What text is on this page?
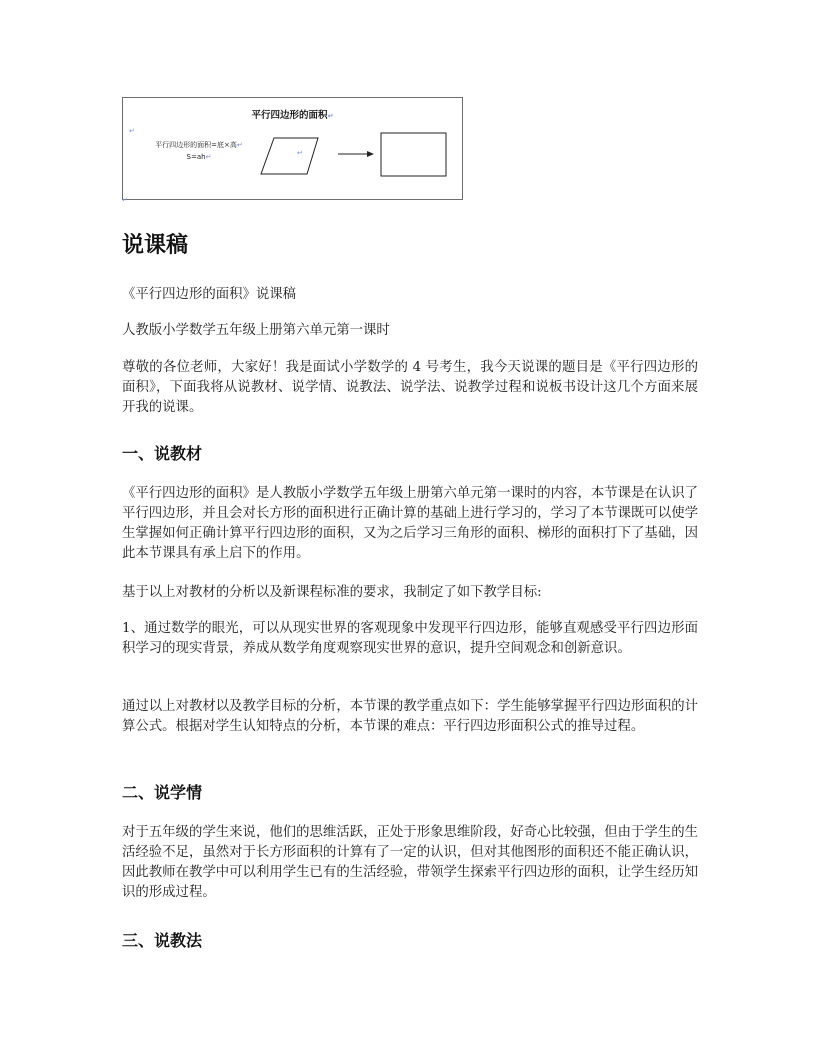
平行四边形的面积↵
平行四边形的面积=底×高↵
S=ah↵	↵
↵
↵
说课稿
《平行四边形的面积》说课稿
人教版小学数学五年级上册第六单元第一课时
尊敬的各位老师，大家好！我是面试小学数学的 4 号考生，我今天说课的题目是《平行四边形的面积》，下面我将从说教材、说学情、说教法、说学法、说教学过程和说板书设计这几个方面来展开我的说课。
一、说教材
《平行四边形的面积》是人教版小学数学五年级上册第六单元第一课时的内容，本节课是在认识了平行四边形，并且会对长方形的面积进行正确计算的基础上进行学习的，学习了本节课既可以使学生掌握如何正确计算平行四边形的面积，又为之后学习三角形的面积、梯形的面积打下了基础，因此本节课具有承上启下的作用。
基于以上对教材的分析以及新课程标准的要求，我制定了如下教学目标:
1、通过数学的眼光，可以从现实世界的客观现象中发现平行四边形，能够直观感受平行四边形面积学习的现实背景，养成从数学角度观察现实世界的意识，提升空间观念和创新意识。
通过以上对教材以及教学目标的分析，本节课的教学重点如下：学生能够掌握平行四边形面积的计算公式。根据对学生认知特点的分析，本节课的难点：平行四边形面积公式的推导过程。
二、说学情
对于五年级的学生来说，他们的思维活跃，正处于形象思维阶段，好奇心比较强，但由于学生的生活经验不足，虽然对于长方形面积的计算有了一定的认识，但对其他图形的面积还不能正确认识，因此教师在教学中可以利用学生已有的生活经验，带领学生探索平行四边形的面积，让学生经历知识的形成过程。
三、说教法
